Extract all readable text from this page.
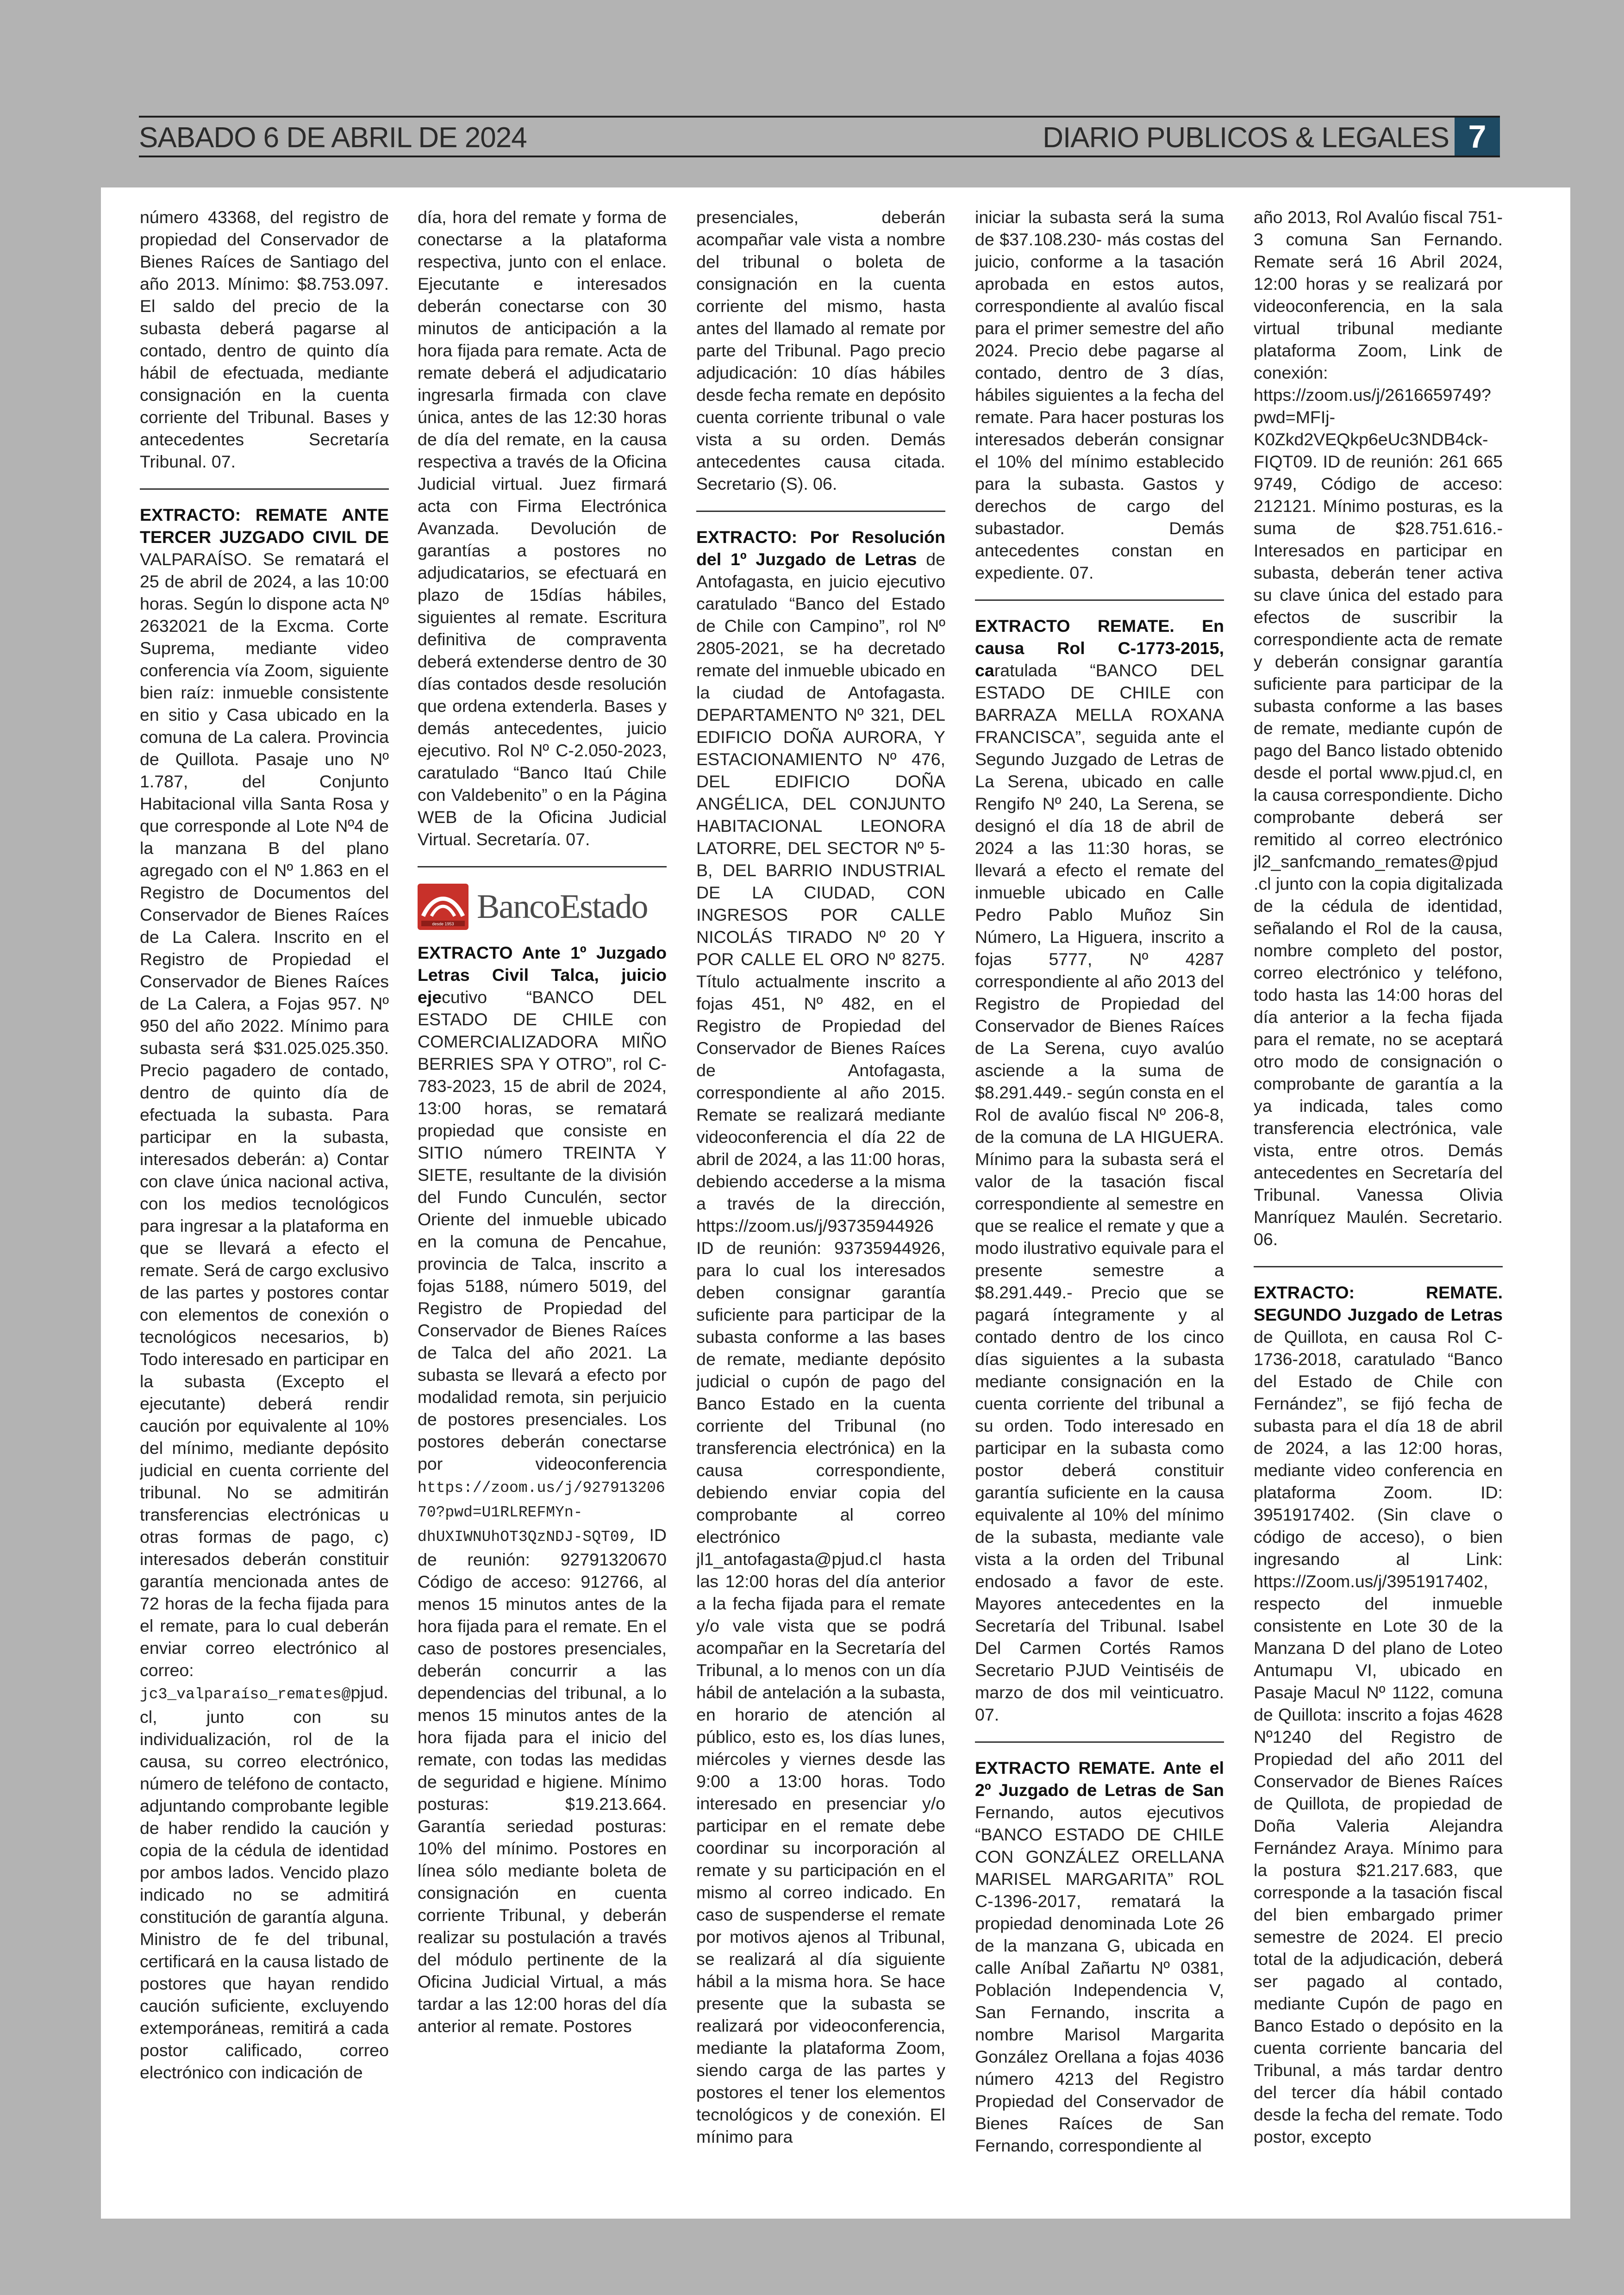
SABADO 6 DE ABRIL DE 2024	DIARIO PUBLICOS & LEGALES 7

número 43368, del registro de propiedad del Conservador de Bienes Raíces de Santiago del año 2013. Mínimo: $8.753.097. El saldo del precio de la subasta deberá pagarse al contado, dentro de quinto día hábil de efectuada, mediante consignación en la cuenta corriente del Tribunal. Bases y antecedentes Secretaría Tribunal. 07.

EXTRACTO: REMATE ANTE TERCER JUZGADO CIVIL DE VALPARAÍSO. Se rematará el 25 de abril de 2024, a las 10:00 horas. Según lo dispone acta Nº 2632021 de la Excma. Corte Suprema, mediante video conferencia vía Zoom, siguiente bien raíz: inmueble consistente en sitio y Casa ubicado en la comuna de La calera. Provincia de Quillota. Pasaje uno Nº 1.787, del Conjunto Habitacional villa Santa Rosa y que corresponde al Lote Nº4 de la manzana B del plano agregado con el Nº 1.863 en el Registro de Documentos del Conservador de Bienes Raíces de La Calera. Inscrito en el Registro de Propiedad el Conservador de Bienes Raíces de La Calera, a Fojas 957. Nº 950 del año 2022. Mínimo para subasta será $31.025.025.350. Precio pagadero de contado, dentro de quinto día de efectuada la subasta. Para participar en la subasta, interesados deberán: a) Contar con clave única nacional activa, con los medios tecnológicos para ingresar a la plataforma en que se llevará a efecto el remate. Será de cargo exclusivo de las partes y postores contar con elementos de conexión o tecnológicos necesarios, b) Todo interesado en participar en la subasta (Excepto el ejecutante) deberá rendir caución por equivalente al 10% del mínimo, mediante depósito judicial en cuenta corriente del tribunal. No se admitirán transferencias electrónicas u otras formas de pago, c) interesados deberán constituir garantía mencionada antes de 72 horas de la fecha fijada para el remate, para lo cual deberán enviar correo electrónico al correo: jc3_valparaíso_remates@pjud.cl, junto con su individualización, rol de la causa, su correo electrónico, número de teléfono de contacto, adjuntando comprobante legible de haber rendido la caución y copia de la cédula de identidad por ambos lados. Vencido plazo indicado no se admitirá constitución de garantía alguna. Ministro de fe del tribunal, certificará en la causa listado de postores que hayan rendido caución suficiente, excluyendo extemporáneas, remitirá a cada postor calificado, correo electrónico con indicación de

día, hora del remate y forma de conectarse a la plataforma respectiva, junto con el enlace. Ejecutante e interesados deberán conectarse con 30 minutos de anticipación a la hora fijada para remate. Acta de remate deberá el adjudicatario ingresarla firmada con clave única, antes de las 12:30 horas de día del remate, en la causa respectiva a través de la Oficina Judicial virtual. Juez firmará acta con Firma Electrónica Avanzada. Devolución de garantías a postores no adjudicatarios, se efectuará en plazo de 15días hábiles, siguientes al remate. Escritura definitiva de compraventa deberá extenderse dentro de 30 días contados desde resolución que ordena extenderla. Bases y demás antecedentes, juicio ejecutivo. Rol Nº C-2.050-2023, caratulado “Banco Itaú Chile con Valdebenito” o en la Página WEB de la Oficina Judicial Virtual. Secretaría. 07.

desde 1953 BancoEstado

EXTRACTO Ante 1º Juzgado Letras Civil Talca, juicio ejecutivo “BANCO DEL ESTADO DE CHILE con COMERCIALIZADORA MIÑO BERRIES SPA Y OTRO”, rol C-783-2023, 15 de abril de 2024, 13:00 horas, se rematará propiedad que consiste en SITIO número TREINTA Y SIETE, resultante de la división del Fundo Cunculén, sector Oriente del inmueble ubicado en la comuna de Pencahue, provincia de Talca, inscrito a fojas 5188, número 5019, del Registro de Propiedad del Conservador de Bienes Raíces de Talca del año 2021. La subasta se llevará a efecto por modalidad remota, sin perjuicio de postores presenciales. Los postores deberán conectarse por videoconferencia https://zoom.us/j/92791320670?pwd=U1RLREFMYn-dhUXIWNUhOT3QzNDJ-SQT09, ID de reunión: 92791320670 Código de acceso: 912766, al menos 15 minutos antes de la hora fijada para el remate. En el caso de postores presenciales, deberán concurrir a las dependencias del tribunal, a lo menos 15 minutos antes de la hora fijada para el inicio del remate, con todas las medidas de seguridad e higiene. Mínimo posturas: $19.213.664. Garantía seriedad posturas: 10% del mínimo. Postores en línea sólo mediante boleta de consignación en cuenta corriente Tribunal, y deberán realizar su postulación a través del módulo pertinente de la Oficina Judicial Virtual, a más tardar a las 12:00 horas del día anterior al remate. Postores

presenciales, deberán acompañar vale vista a nombre del tribunal o boleta de consignación en la cuenta corriente del mismo, hasta antes del llamado al remate por parte del Tribunal. Pago precio adjudicación: 10 días hábiles desde fecha remate en depósito cuenta corriente tribunal o vale vista a su orden. Demás antecedentes causa citada. Secretario (S). 06.

EXTRACTO: Por Resolución del 1º Juzgado de Letras de Antofagasta, en juicio ejecutivo caratulado “Banco del Estado de Chile con Campino”, rol Nº 2805-2021, se ha decretado remate del inmueble ubicado en la ciudad de Antofagasta. DEPARTAMENTO Nº 321, DEL EDIFICIO DOÑA AURORA, Y ESTACIONAMIENTO Nº 476, DEL EDIFICIO DOÑA ANGÉLICA, DEL CONJUNTO HABITACIONAL LEONORA LATORRE, DEL SECTOR Nº 5-B, DEL BARRIO INDUSTRIAL DE LA CIUDAD, CON INGRESOS POR CALLE NICOLÁS TIRADO Nº 20 Y POR CALLE EL ORO Nº 8275. Título actualmente inscrito a fojas 451, Nº 482, en el Registro de Propiedad del Conservador de Bienes Raíces de Antofagasta, correspondiente al año 2015. Remate se realizará mediante videoconferencia el día 22 de abril de 2024, a las 11:00 horas, debiendo accederse a la misma a través de la dirección, https://zoom.us/j/93735944926 ID de reunión: 93735944926, para lo cual los interesados deben consignar garantía suficiente para participar de la subasta conforme a las bases de remate, mediante depósito judicial o cupón de pago del Banco Estado en la cuenta corriente del Tribunal (no transferencia electrónica) en la causa correspondiente, debiendo enviar copia del comprobante al correo electrónico jl1_antofagasta@pjud.cl hasta las 12:00 horas del día anterior a la fecha fijada para el remate y/o vale vista que se podrá acompañar en la Secretaría del Tribunal, a lo menos con un día hábil de antelación a la subasta, en horario de atención al público, esto es, los días lunes, miércoles y viernes desde las 9:00 a 13:00 horas. Todo interesado en presenciar y/o participar en el remate debe coordinar su incorporación al remate y su participación en el mismo al correo indicado. En caso de suspenderse el remate por motivos ajenos al Tribunal, se realizará al día siguiente hábil a la misma hora. Se hace presente que la subasta se realizará por videoconferencia, mediante la plataforma Zoom, siendo carga de las partes y postores el tener los elementos tecnológicos y de conexión. El mínimo para

iniciar la subasta será la suma de $37.108.230- más costas del juicio, conforme a la tasación aprobada en estos autos, correspondiente al avalúo fiscal para el primer semestre del año 2024. Precio debe pagarse al contado, dentro de 3 días, hábiles siguientes a la fecha del remate. Para hacer posturas los interesados deberán consignar el 10% del mínimo establecido para la subasta. Gastos y derechos de cargo del subastador. Demás antecedentes constan en expediente. 07.

EXTRACTO REMATE. En causa Rol C-1773-2015, caratulada “BANCO DEL ESTADO DE CHILE con BARRAZA MELLA ROXANA FRANCISCA”, seguida ante el Segundo Juzgado de Letras de La Serena, ubicado en calle Rengifo Nº 240, La Serena, se designó el día 18 de abril de 2024 a las 11:30 horas, se llevará a efecto el remate del inmueble ubicado en Calle Pedro Pablo Muñoz Sin Número, La Higuera, inscrito a fojas 5777, Nº 4287 correspondiente al año 2013 del Registro de Propiedad del Conservador de Bienes Raíces de La Serena, cuyo avalúo asciende a la suma de $8.291.449.- según consta en el Rol de avalúo fiscal Nº 206-8, de la comuna de LA HIGUERA. Mínimo para la subasta será el valor de la tasación fiscal correspondiente al semestre en que se realice el remate y que a modo ilustrativo equivale para el presente semestre a $8.291.449.- Precio que se pagará íntegramente y al contado dentro de los cinco días siguientes a la subasta mediante consignación en la cuenta corriente del tribunal a su orden. Todo interesado en participar en la subasta como postor deberá constituir garantía suficiente en la causa equivalente al 10% del mínimo de la subasta, mediante vale vista a la orden del Tribunal endosado a favor de este. Mayores antecedentes en la Secretaría del Tribunal. Isabel Del Carmen Cortés Ramos Secretario PJUD Veintiséis de marzo de dos mil veinticuatro. 07.

EXTRACTO REMATE. Ante el 2º Juzgado de Letras de San Fernando, autos ejecutivos “BANCO ESTADO DE CHILE CON GONZÁLEZ ORELLANA MARISEL MARGARITA” ROL C-1396-2017, rematará la propiedad denominada Lote 26 de la manzana G, ubicada en calle Aníbal Zañartu Nº 0381, Población Independencia V, San Fernando, inscrita a nombre Marisol Margarita González Orellana a fojas 4036 número 4213 del Registro Propiedad del Conservador de Bienes Raíces de San Fernando, correspondiente al

año 2013, Rol Avalúo fiscal 751-3 comuna San Fernando. Remate será 16 Abril 2024, 12:00 horas y se realizará por videoconferencia, en la sala virtual tribunal mediante plataforma Zoom, Link de conexión: https://zoom.us/j/2616659749?pwd=MFIj-K0Zkd2VEQkp6eUc3NDB4ck-FIQT09. ID de reunión: 261 665 9749, Código de acceso: 212121. Mínimo posturas, es la suma de $28.751.616.- Interesados en participar en subasta, deberán tener activa su clave única del estado para efectos de suscribir la correspondiente acta de remate y deberán consignar garantía suficiente para participar de la subasta conforme a las bases de remate, mediante cupón de pago del Banco listado obtenido desde el portal www.pjud.cl, en la causa correspondiente. Dicho comprobante deberá ser remitido al correo electrónico jl2_sanfcmando_remates@pjud.cl junto con la copia digitalizada de la cédula de identidad, señalando el Rol de la causa, nombre completo del postor, correo electrónico y teléfono, todo hasta las 14:00 horas del día anterior a la fecha fijada para el remate, no se aceptará otro modo de consignación o comprobante de garantía a la ya indicada, tales como transferencia electrónica, vale vista, entre otros. Demás antecedentes en Secretaría del Tribunal. Vanessa Olivia Manríquez Maulén. Secretario. 06.

EXTRACTO: REMATE. SEGUNDO Juzgado de Letras de Quillota, en causa Rol C-1736-2018, caratulado “Banco del Estado de Chile con Fernández”, se fijó fecha de subasta para el día 18 de abril de 2024, a las 12:00 horas, mediante video conferencia en plataforma Zoom. ID: 3951917402. (Sin clave o código de acceso), o bien ingresando al Link: https://Zoom.us/j/3951917402, respecto del inmueble consistente en Lote 30 de la Manzana D del plano de Loteo Antumapu VI, ubicado en Pasaje Macul Nº 1122, comuna de Quillota: inscrito a fojas 4628 Nº1240 del Registro de Propiedad del año 2011 del Conservador de Bienes Raíces de Quillota, de propiedad de Doña Valeria Alejandra Fernández Araya. Mínimo para la postura $21.217.683, que corresponde a la tasación fiscal del bien embargado primer semestre de 2024. El precio total de la adjudicación, deberá ser pagado al contado, mediante Cupón de pago en Banco Estado o depósito en la cuenta corriente bancaria del Tribunal, a más tardar dentro del tercer día hábil contado desde la fecha del remate. Todo postor, excepto
